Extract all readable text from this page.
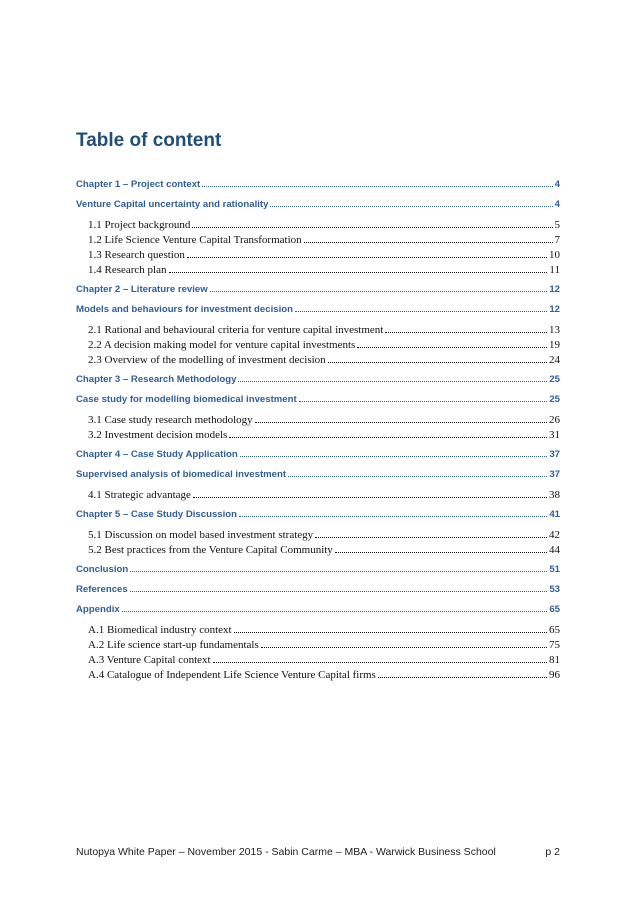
Table of content
Chapter 1 – Project context	4
Venture Capital uncertainty and rationality	4
1.1 Project background	5
1.2 Life Science Venture Capital Transformation	7
1.3 Research question	10
1.4 Research plan	11
Chapter 2 – Literature review	12
Models and behaviours for investment decision	12
2.1 Rational and behavioural criteria for venture capital investment	13
2.2 A decision making model for venture capital investments	19
2.3 Overview of the modelling of investment decision	24
Chapter 3 – Research Methodology	25
Case study for modelling biomedical investment	25
3.1 Case study research methodology	26
3.2 Investment decision models	31
Chapter 4 – Case Study Application	37
Supervised analysis of biomedical investment	37
4.1 Strategic advantage	38
Chapter 5 – Case Study Discussion	41
5.1 Discussion on model based investment strategy	42
5.2 Best practices from the Venture Capital Community	44
Conclusion	51
References	53
Appendix	65
A.1 Biomedical industry context	65
A.2 Life science start-up fundamentals	75
A.3 Venture Capital context	81
A.4 Catalogue of Independent Life Science Venture Capital firms	96
Nutopya White Paper – November 2015 - Sabin Carme – MBA - Warwick Business School	p 2
